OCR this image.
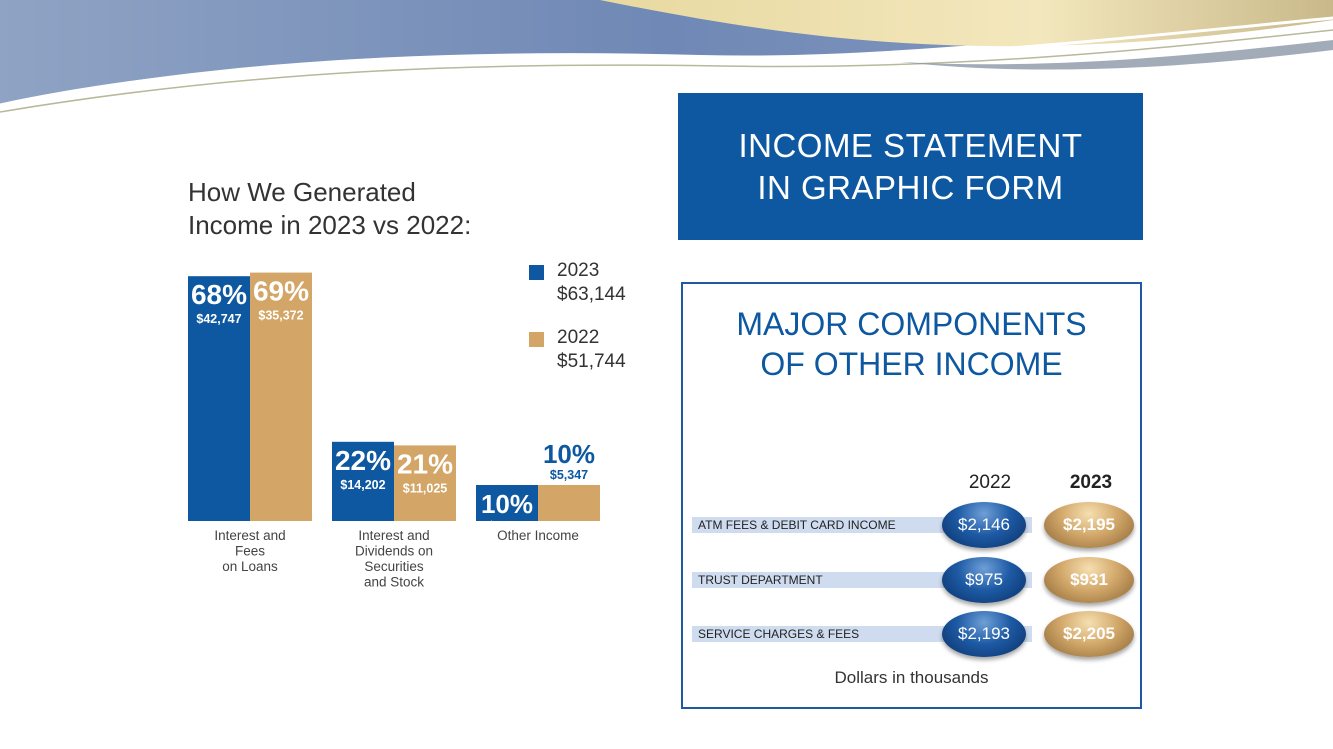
How We Generated
Income in 2023 vs 2022:
68%
$42,747
22%
$14,202
10%
$6,195
69%
$35,372
21%
$11,025
10%
$5,347
Interest and
Fees
on Loans
Interest and
Dividends on
Securities
and Stock
Other Income
2023
$63,144
2022
$51,744
INCOME STATEMENT
IN GRAPHIC FORM
MAJOR COMPONENTS
OF OTHER INCOME
2022	2023
ATM FEES & DEBIT CARD INCOME	$2,146	$2,195
TRUST DEPARTMENT	$975	$931
SERVICE CHARGES & FEES	$2,193	$2,205
Dollars in thousands
